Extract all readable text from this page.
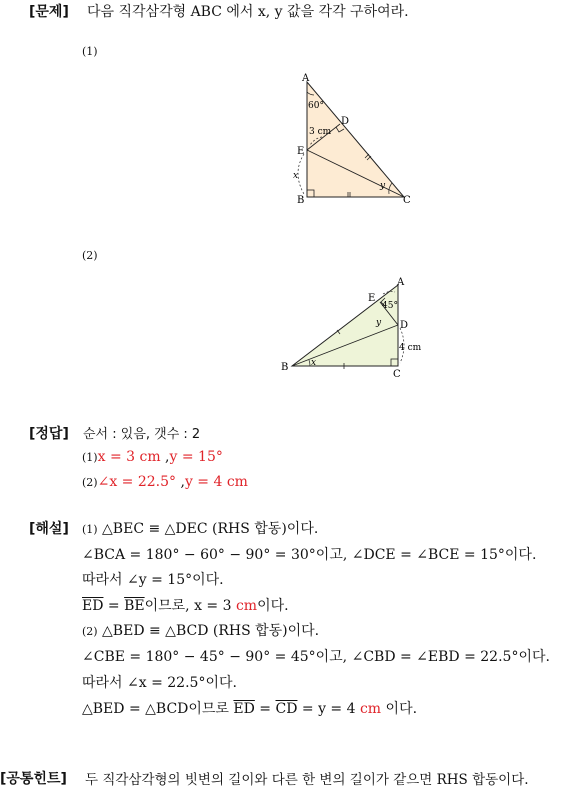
[문제] 다음 직각삼각형 ABC 에서 x, y 값을 각각 구하여라.
(1)
A
B	C
D
E
60°
3 cm
y
x
(2)
A
B
C
D
E
45°
4 cm
x
y
[정답] 순서 : 있음, 갯수 : 2
(1)x = 3 cm ,y = 15°
(2)∠x = 22.5° ,y = 4 cm
[해설] (1) △BEC ≡ △DEC (RHS 합동)이다.
∠BCA = 180° − 60° − 90° = 30°이고, ∠DCE = ∠BCE = 15°이다.
따라서 ∠y = 15°이다.
$\overline{ED} = \overline{BE}$이므로, x = 3 cm이다.
(2) △BED ≡ △BCD (RHS 합동)이다.
∠CBE = 180° − 45° − 90° = 45°이고, ∠CBD = ∠EBD = 22.5°이다.
따라서 ∠x = 22.5°이다.
△BED = △BCD이므로 $\overline{ED} = \overline{CD} = y = 4$ cm 이다.
[공통힌트] 두 직각삼각형의 빗변의 길이와 다른 한 변의 길이가 같으면 RHS 합동이다.
